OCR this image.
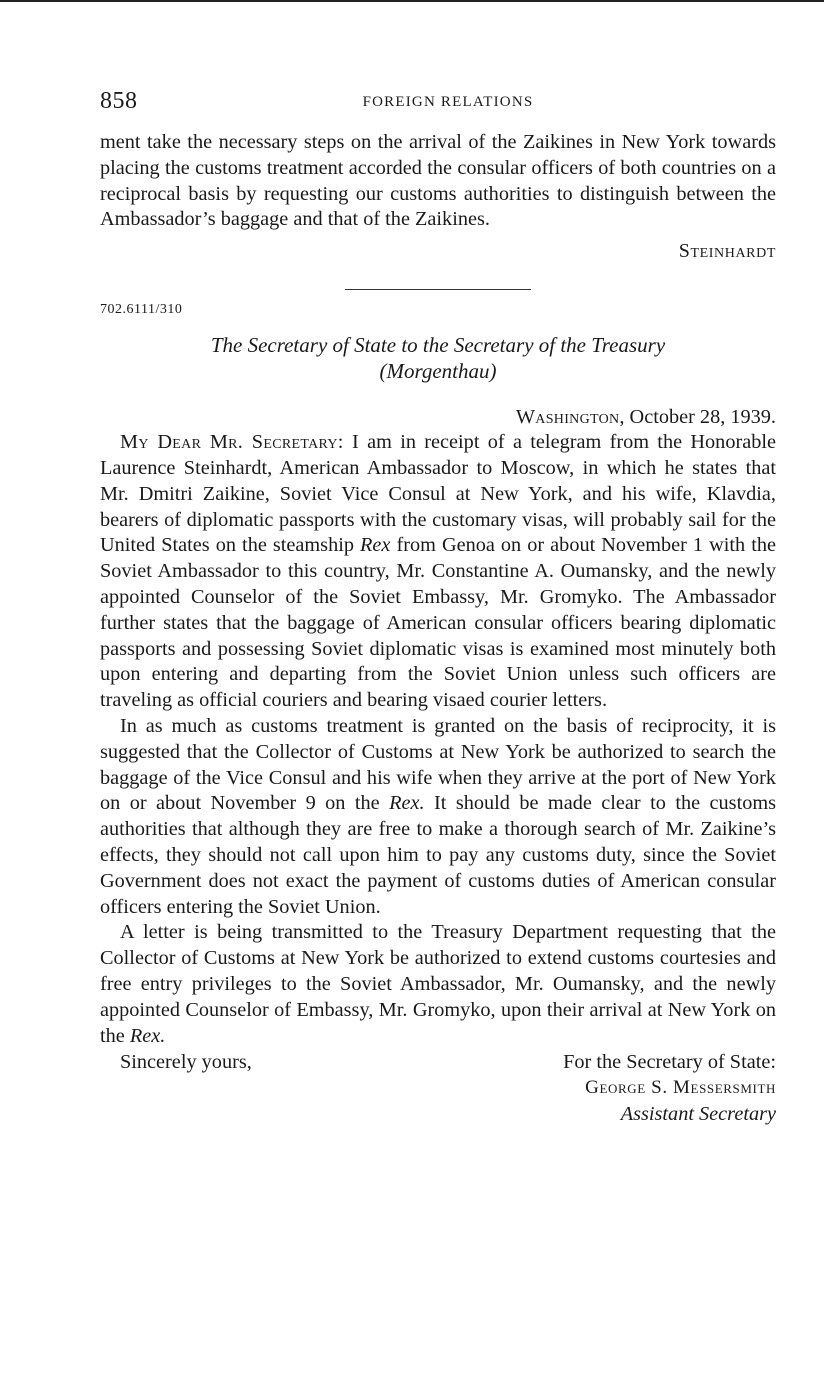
858	FOREIGN RELATIONS

ment take the necessary steps on the arrival of the Zaikines in New York towards placing the customs treatment accorded the consular officers of both countries on a reciprocal basis by requesting our customs authorities to distinguish between the Ambassador’s baggage and that of the Zaikines.

Steinhardt
702.6111/310
The Secretary of State to the Secretary of the Treasury
(Morgenthau)
Washington, October 28, 1939.

My Dear Mr. Secretary: I am in receipt of a telegram from the Honorable Laurence Steinhardt, American Ambassador to Moscow, in which he states that Mr. Dmitri Zaikine, Soviet Vice Consul at New York, and his wife, Klavdia, bearers of diplomatic passports with the customary visas, will probably sail for the United States on the steamship Rex from Genoa on or about November 1 with the Soviet Ambassador to this country, Mr. Constantine A. Oumansky, and the newly appointed Counselor of the Soviet Embassy, Mr. Gromyko. The Ambassador further states that the baggage of American consular officers bearing diplomatic passports and possessing Soviet diplomatic visas is examined most minutely both upon entering and departing from the Soviet Union unless such officers are traveling as official couriers and bearing visaed courier letters.

In as much as customs treatment is granted on the basis of reciprocity, it is suggested that the Collector of Customs at New York be authorized to search the baggage of the Vice Consul and his wife when they arrive at the port of New York on or about November 9 on the Rex. It should be made clear to the customs authorities that although they are free to make a thorough search of Mr. Zaikine’s effects, they should not call upon him to pay any customs duty, since the Soviet Government does not exact the payment of customs duties of American consular officers entering the Soviet Union.

A letter is being transmitted to the Treasury Department requesting that the Collector of Customs at New York be authorized to extend customs courtesies and free entry privileges to the Soviet Ambassador, Mr. Oumansky, and the newly appointed Counselor of Embassy, Mr. Gromyko, upon their arrival at New York on the Rex.

Sincerely yours,	For the Secretary of State:
George S. Messersmith
Assistant Secretary
